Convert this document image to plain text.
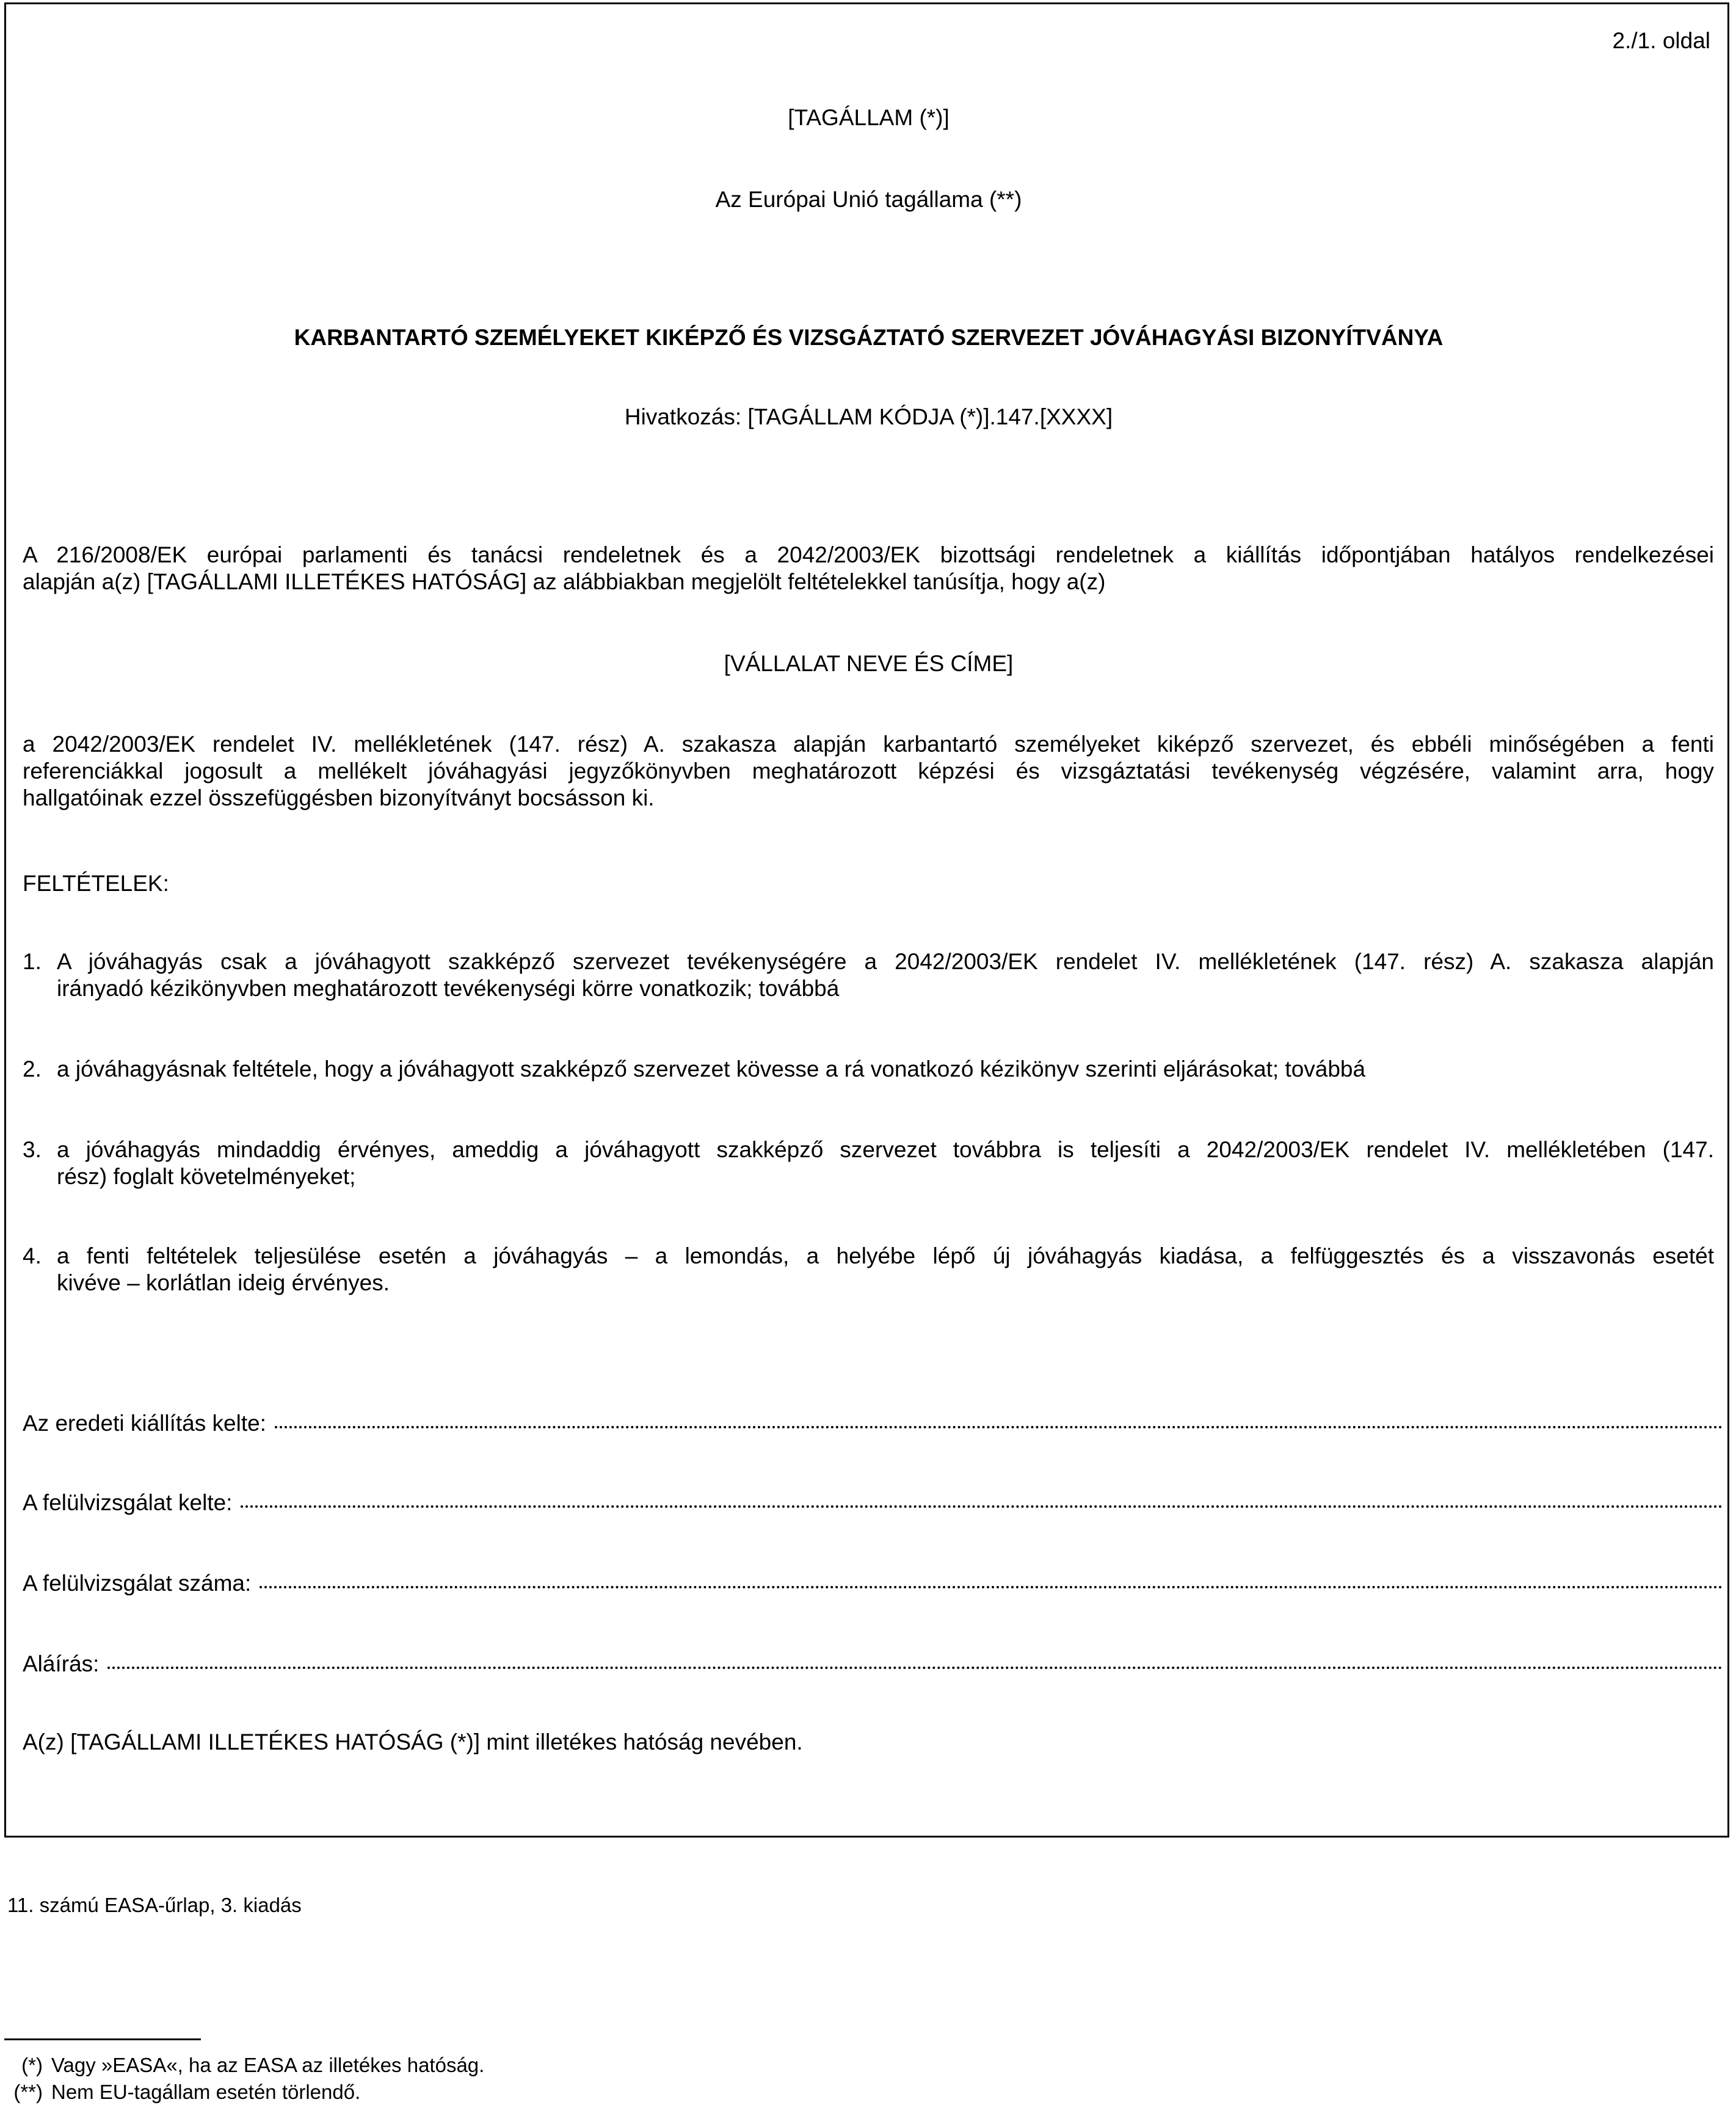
2./1. oldal
[TAGÁLLAM (*)]
Az Európai Unió tagállama (**)
KARBANTARTÓ SZEMÉLYEKET KIKÉPZŐ ÉS VIZSGÁZTATÓ SZERVEZET JÓVÁHAGYÁSI BIZONYÍTVÁNYA
Hivatkozás: [TAGÁLLAM KÓDJA (*)].147.[XXXX]
A 216/2008/EK európai parlamenti és tanácsi rendeletnek és a 2042/2003/EK bizottsági rendeletnek a kiállítás időpontjában hatályos rendelkezései
alapján a(z) [TAGÁLLAMI ILLETÉKES HATÓSÁG] az alábbiakban megjelölt feltételekkel tanúsítja, hogy a(z)
[VÁLLALAT NEVE ÉS CÍME]
a 2042/2003/EK rendelet IV. mellékletének (147. rész) A. szakasza alapján karbantartó személyeket kiképző szervezet, és ebbéli minőségében a fenti
referenciákkal jogosult a mellékelt jóváhagyási jegyzőkönyvben meghatározott képzési és vizsgáztatási tevékenység végzésére, valamint arra, hogy
hallgatóinak ezzel összefüggésben bizonyítványt bocsásson ki.
FELTÉTELEK:
1. A jóváhagyás csak a jóváhagyott szakképző szervezet tevékenységére a 2042/2003/EK rendelet IV. mellékletének (147. rész) A. szakasza alapján
irányadó kézikönyvben meghatározott tevékenységi körre vonatkozik; továbbá
2. a jóváhagyásnak feltétele, hogy a jóváhagyott szakképző szervezet kövesse a rá vonatkozó kézikönyv szerinti eljárásokat; továbbá
3. a jóváhagyás mindaddig érvényes, ameddig a jóváhagyott szakképző szervezet továbbra is teljesíti a 2042/2003/EK rendelet IV. mellékletében (147.
rész) foglalt követelményeket;
4. a fenti feltételek teljesülése esetén a jóváhagyás – a lemondás, a helyébe lépő új jóváhagyás kiadása, a felfüggesztés és a visszavonás esetét
kivéve – korlátlan ideig érvényes.
Az eredeti kiállítás kelte:
A felülvizsgálat kelte:
A felülvizsgálat száma:
Aláírás:
A(z) [TAGÁLLAMI ILLETÉKES HATÓSÁG (*)] mint illetékes hatóság nevében.
11. számú EASA-űrlap, 3. kiadás
(*) Vagy »EASA«, ha az EASA az illetékes hatóság.
(**) Nem EU-tagállam esetén törlendő.
